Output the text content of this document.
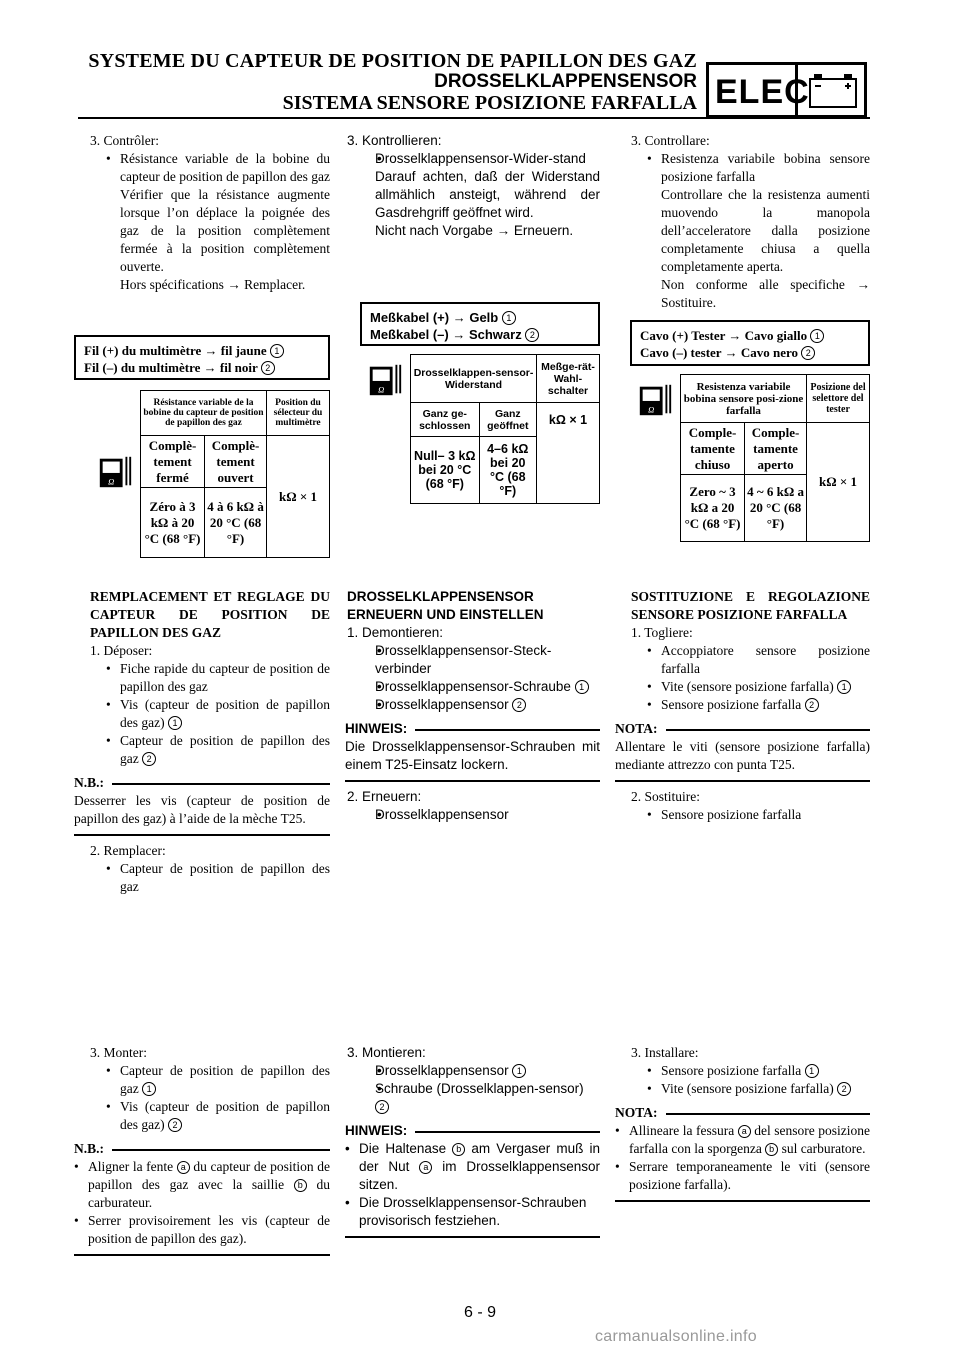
SYSTEME DU CAPTEUR DE POSITION DE PAPILLON DES GAZ
DROSSELKLAPPENSENSOR
SISTEMA SENSORE POSIZIONE FARFALLA ELEC
3. Contrôler:
• Résistance variable de la bobine du capteur de position de papillon des gaz
Vérifier que la résistance augmente lorsque l’on déplace la poignée des gaz de la position complètement fermée à la position complètement ouverte.
Hors spécifications → Remplacer.
Fil (+) du multimètre → fil jaune 1
Fil (–) du multimètre → fil noir 2
Ω	Résistance variable de la bobine du capteur de position de papillon des gaz		Position du sélecteur du multimètre
	Complè-tement fermé	Complè-tement ouvert	kΩ × 1
	Zéro à 3 kΩ à 20 °C (68 °F)	4 à 6 kΩ à 20 °C (68 °F)	
REMPLACEMENT ET REGLAGE DU CAPTEUR DE POSITION DE PAPILLON DES GAZ
1. Déposer:
• Fiche rapide du capteur de position de papillon des gaz
• Vis (capteur de position de papillon des gaz) 1
• Capteur de position de papillon des gaz 2
N.B.:
Desserrer les vis (capteur de position de papillon des gaz) à l’aide de la mèche T25.
2. Remplacer:
• Capteur de position de papillon des gaz
3. Monter:
• Capteur de position de papillon des gaz 1
• Vis (capteur de position de papillon des gaz) 2
N.B.:
• Aligner la fente a du capteur de position de papillon des gaz avec la saillie b du carburateur.
• Serrer provisoirement les vis (capteur de position de papillon des gaz).
3. Kontrollieren:
• Drosselklappensensor-Wider-stand
Darauf achten, daß der Widerstand allmählich ansteigt, während der Gasdrehgriff geöffnet wird.
Nicht nach Vorgabe → Erneuern.
Meßkabel (+) → Gelb 1
Meßkabel (–) → Schwarz 2
Ω	Drosselklappen-sensor-Widerstand		Meßge-rät-Wahl-schalter
	Ganz ge-schlossen	Ganz geöffnet	kΩ × 1
	Null– 3 kΩ bei 20 °C (68 °F)	4–6 kΩ bei 20 °C (68 °F)	
DROSSELKLAPPENSENSOR ERNEUERN UND EINSTELLEN
1. Demontieren:
• Drosselklappensensor-Steck-verbinder
• Drosselklappensensor-Schraube 1
• Drosselklappensensor 2
HINWEIS:
Die Drosselklappensensor-Schrauben mit einem T25-Einsatz lockern.
2. Erneuern:
• Drosselklappensensor
3. Montieren:
• Drosselklappensensor 1
• Schraube (Drosselklappen-sensor) 2
HINWEIS:
• Die Haltenase b am Vergaser muß in der Nut a im Drosselklappensensor sitzen.
• Die Drosselklappensensor-Schrauben provisorisch festziehen.
3. Controllare:
• Resistenza variabile bobina sensore posizione farfalla
Controllare che la resistenza aumenti muovendo la manopola dell’acceleratore dalla posizione completamente chiusa a quella completamente aperta.
Non conforme alle specifiche → Sostituire.
Cavo (+) Tester → Cavo giallo 1
Cavo (–) tester → Cavo nero 2
Ω	Resistenza variabile bobina sensore posi-zione farfalla		Posizione del selettore del tester
	Comple-tamente chiuso	Comple-tamente aperto	kΩ × 1
	Zero ~ 3 kΩ a 20 °C (68 °F)	4 ~ 6 kΩ a 20 °C (68 °F)	
SOSTITUZIONE E REGOLAZIONE SENSORE POSIZIONE FARFALLA
1. Togliere:
• Accoppiatore sensore posizione farfalla
• Vite (sensore posizione farfalla) 1
• Sensore posizione farfalla 2
NOTA:
Allentare le viti (sensore posizione farfalla) mediante attrezzo con punta T25.
2. Sostituire:
• Sensore posizione farfalla
3. Installare:
• Sensore posizione farfalla 1
• Vite (sensore posizione farfalla) 2
NOTA:
• Allineare la fessura a del sensore posizione farfalla con la sporgenza b sul carburatore.
• Serrare temporaneamente le viti (sensore posizione farfalla).
6 - 9
carmanualsonline.info
